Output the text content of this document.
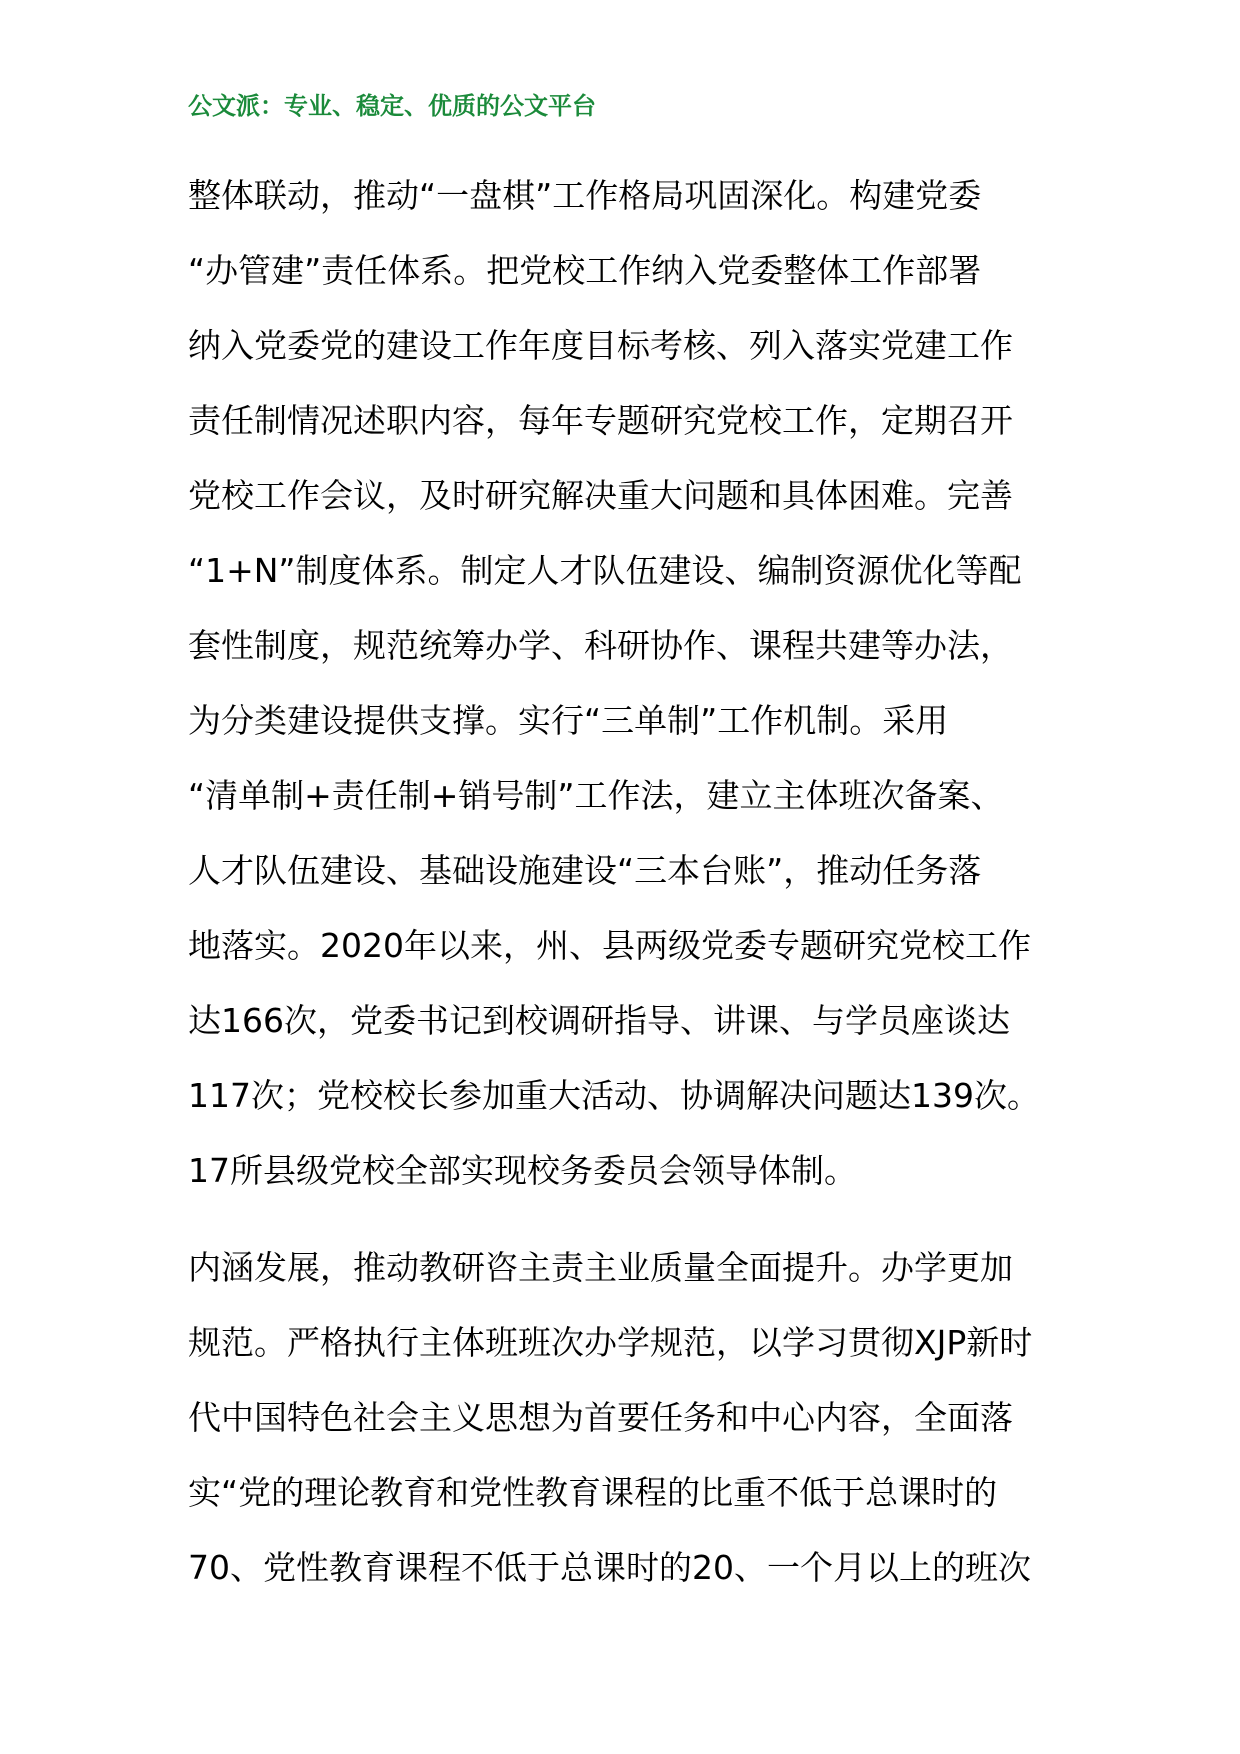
公文派：专业、稳定、优质的公文平台
整体联动，推动“一盘棋”工作格局巩固深化。构建党委
“办管建”责任体系。把党校工作纳入党委整体工作部署
纳入党委党的建设工作年度目标考核、列入落实党建工作
责任制情况述职内容，每年专题研究党校工作，定期召开
党校工作会议，及时研究解决重大问题和具体困难。完善
“1+N”制度体系。制定人才队伍建设、编制资源优化等配
套性制度，规范统筹办学、科研协作、课程共建等办法，
为分类建设提供支撑。实行“三单制”工作机制。采用
“清单制+责任制+销号制”工作法，建立主体班次备案、
人才队伍建设、基础设施建设“三本台账”，推动任务落
地落实。2020年以来，州、县两级党委专题研究党校工作
达166次，党委书记到校调研指导、讲课、与学员座谈达
117次；党校校长参加重大活动、协调解决问题达139次。
17所县级党校全部实现校务委员会领导体制。
内涵发展，推动教研咨主责主业质量全面提升。办学更加
规范。严格执行主体班班次办学规范，以学习贯彻XJP新时
代中国特色社会主义思想为首要任务和中心内容，全面落
实“党的理论教育和党性教育课程的比重不低于总课时的
70、党性教育课程不低于总课时的20、一个月以上的班次
